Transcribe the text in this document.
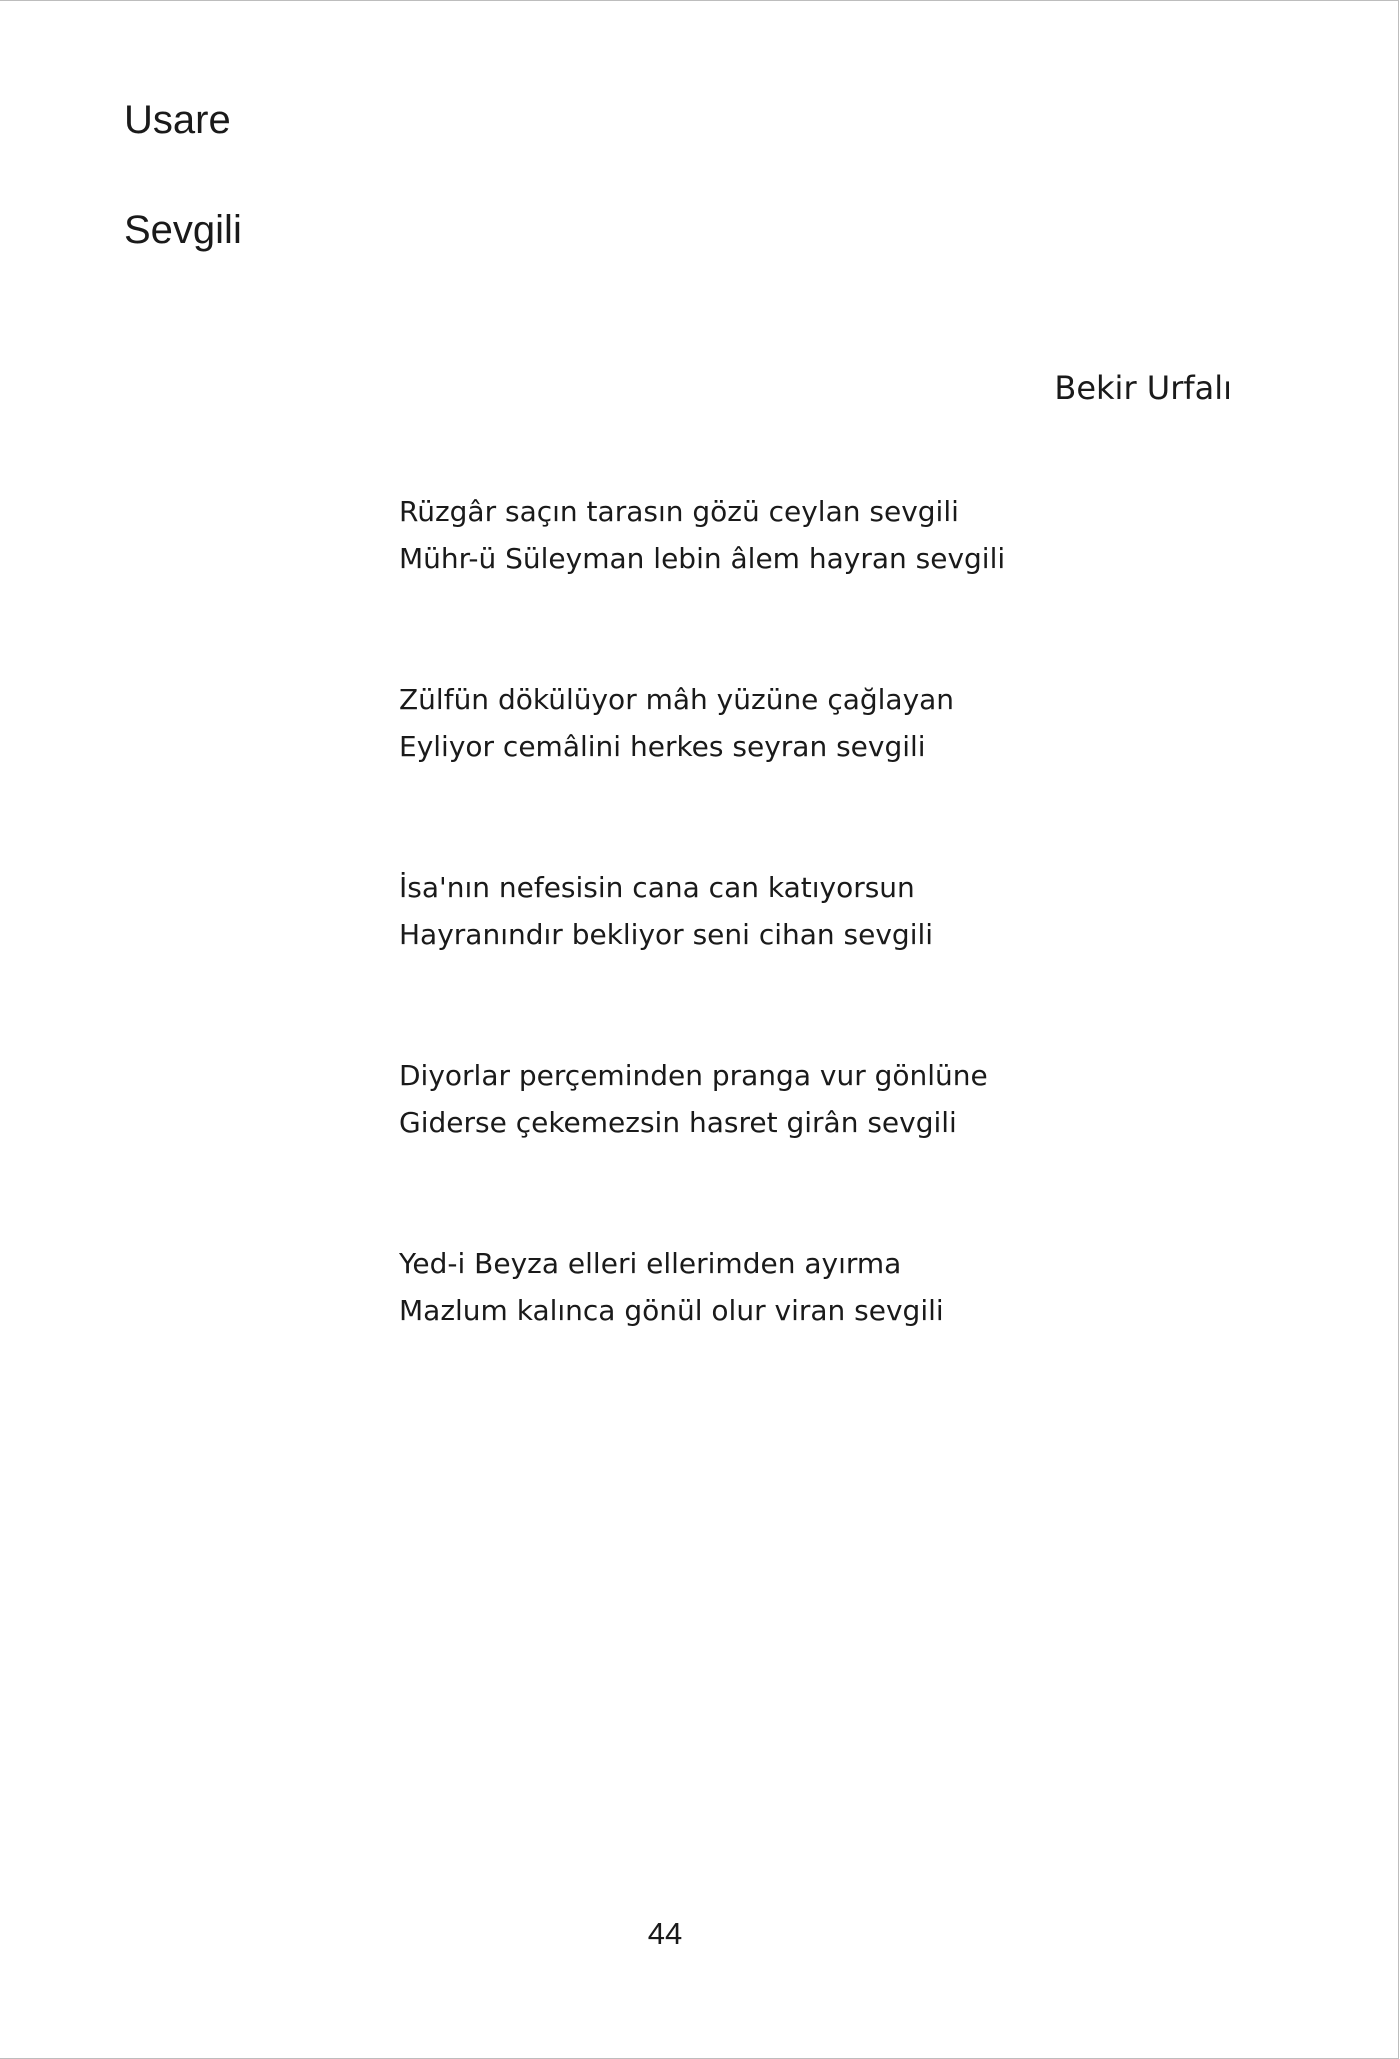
Usare
Sevgili
Bekir Urfalı
Rüzgâr saçın tarasın gözü ceylan sevgili
Mühr-ü Süleyman lebin âlem hayran sevgili
Zülfün dökülüyor mâh yüzüne çağlayan
Eyliyor cemâlini herkes seyran sevgili
İsa'nın nefesisin cana can katıyorsun
Hayranındır bekliyor seni cihan sevgili
Diyorlar perçeminden pranga vur gönlüne
Giderse çekemezsin hasret girân sevgili
Yed-i Beyza elleri ellerimden ayırma
Mazlum kalınca gönül olur viran sevgili
44
